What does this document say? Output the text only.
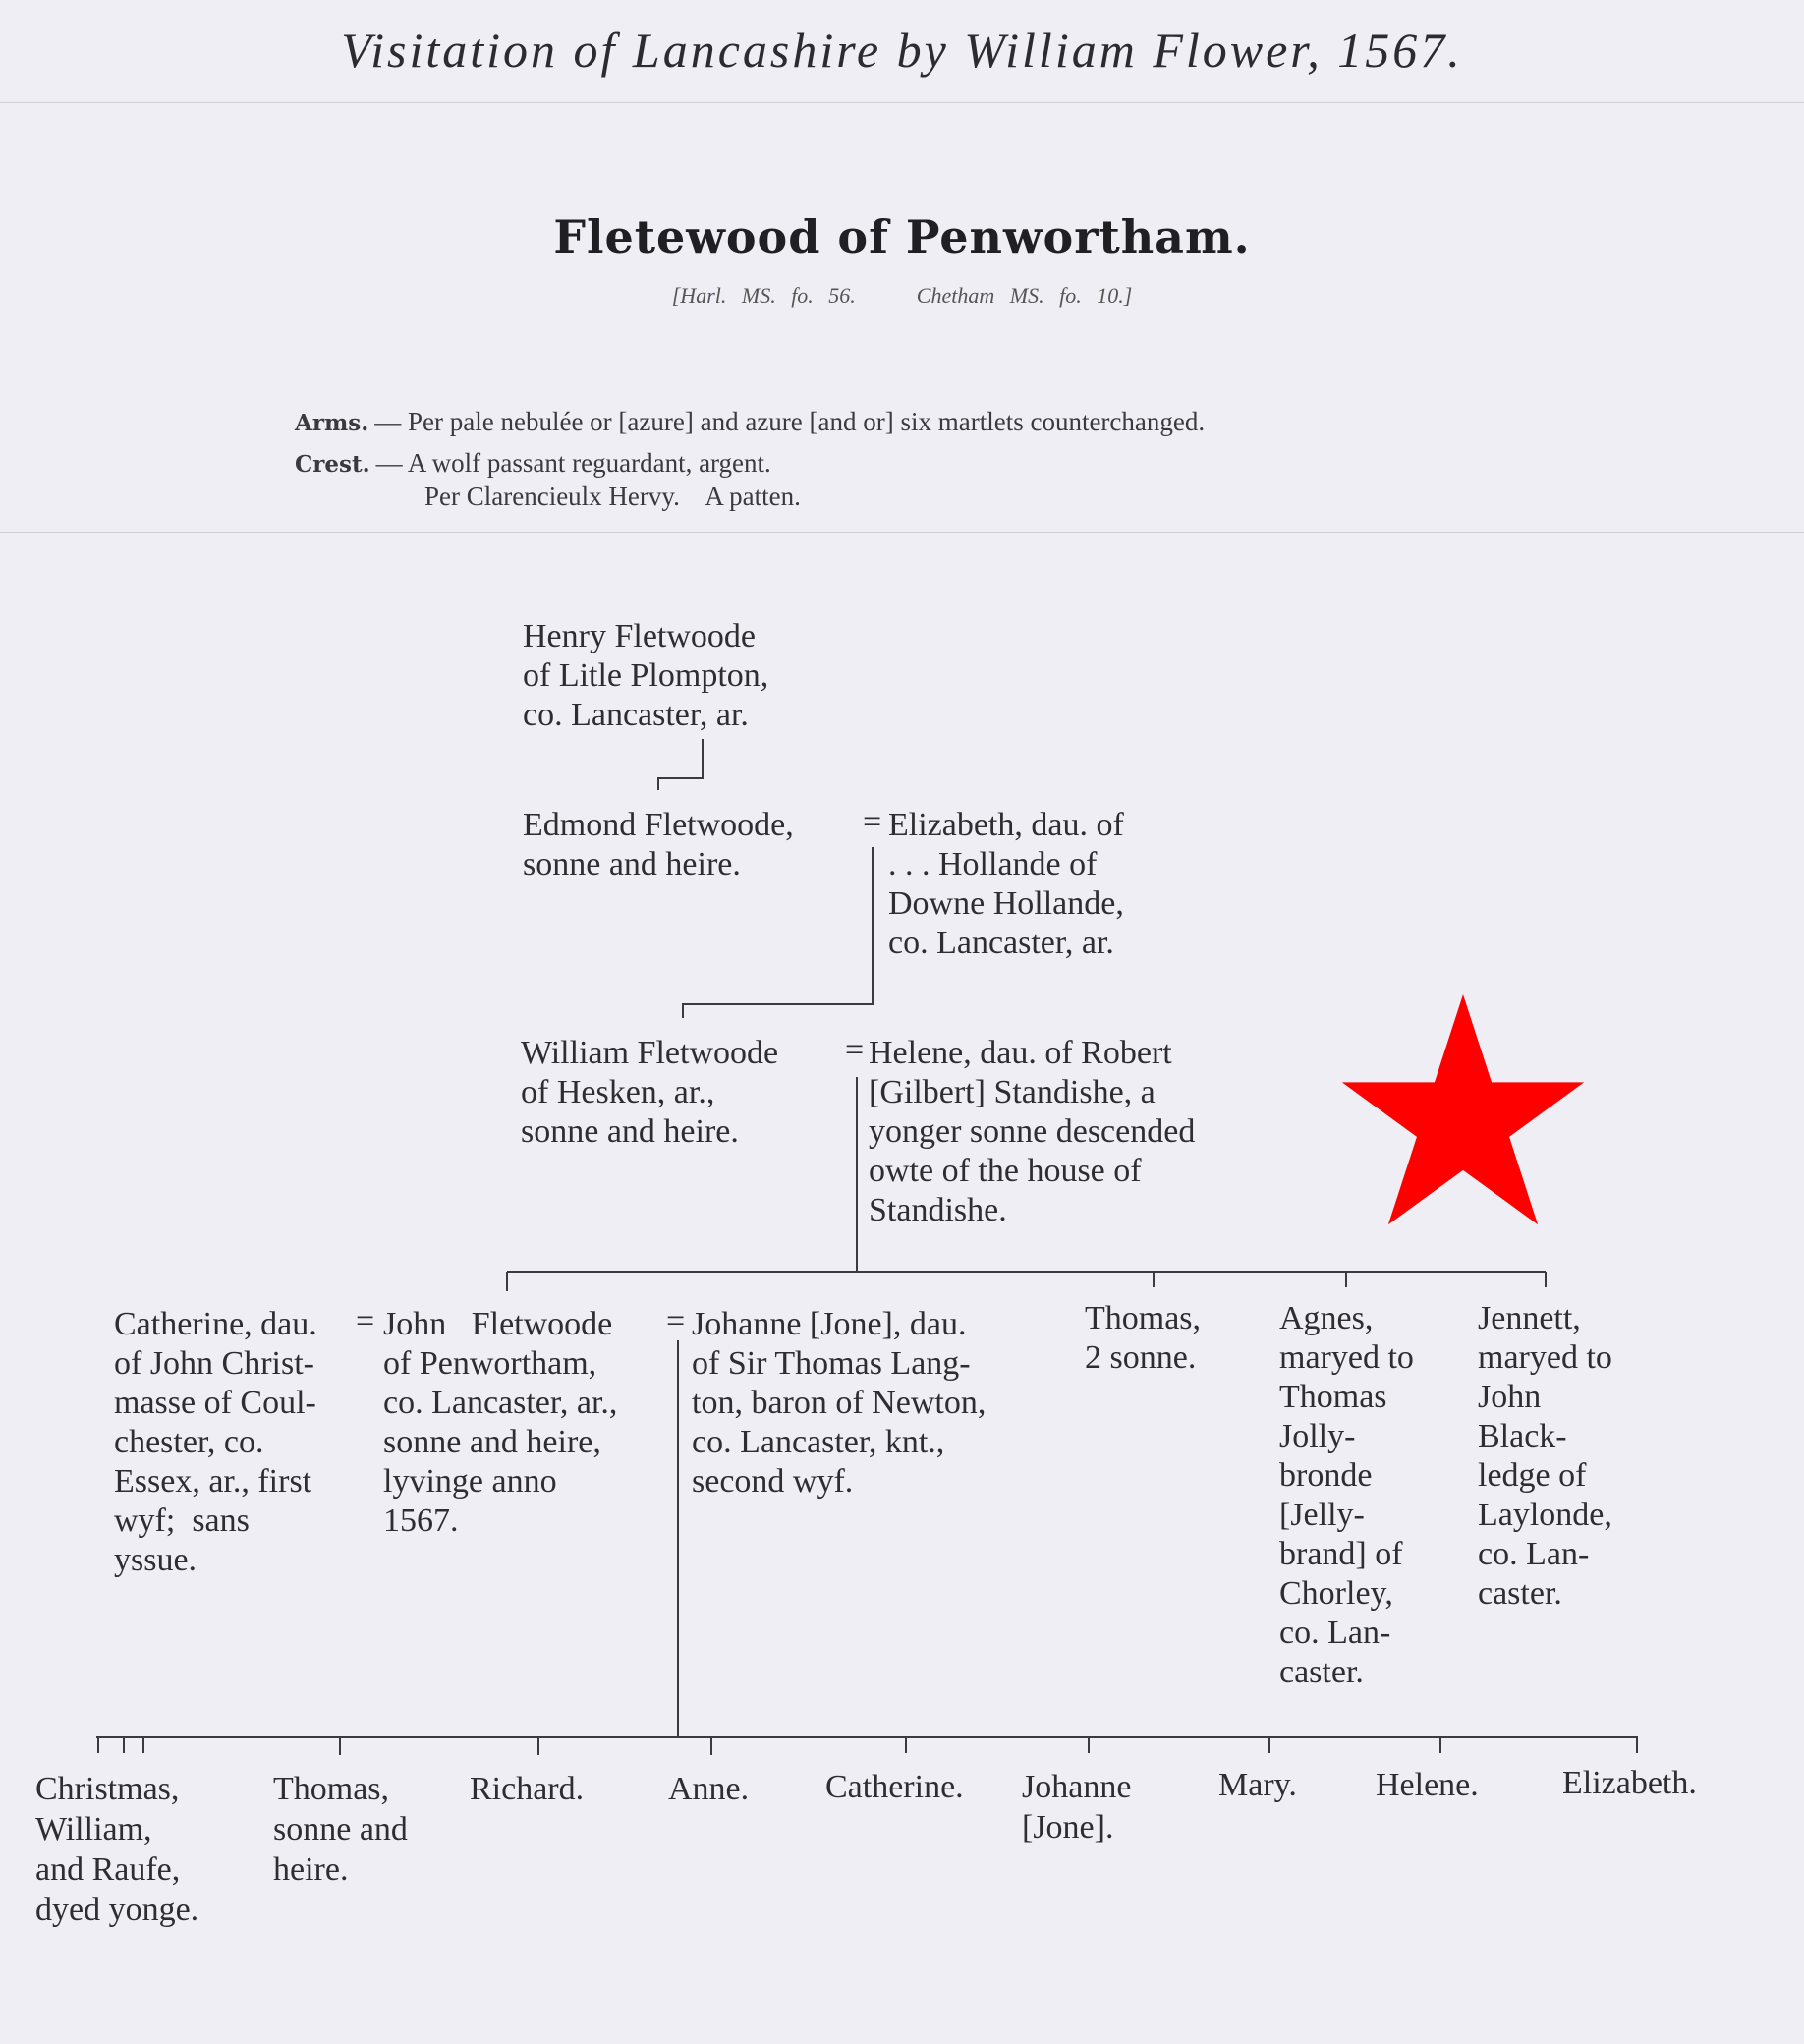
Visitation of Lancashire by William Flower, 1567.
Fletewood of Penwortham.
[Harl. MS. fo. 56.    Chetham MS. fo. 10.]
Arms. — Per pale nebulée or [azure] and azure [and or] six martlets counterchanged.
Crest. — A wolf passant reguardant, argent.
Per Clarencieulx Hervy.    A patten.
Henry Fletwoode
of Litle Plompton,
co. Lancaster, ar.
Edmond Fletwoode,
sonne and heire.
= Elizabeth, dau. of
. . . Hollande of
Downe Hollande,
co. Lancaster, ar.
William Fletwoode
of Hesken, ar.,
sonne and heire.
= Helene, dau. of Robert
[Gilbert] Standishe, a
yonger sonne descended
owte of the house of
Standishe.
Catherine, dau.
of John Christ-
masse of Coul-
chester, co.
Essex, ar., first
wyf;  sans
yssue.
= John   Fletwoode
of Penwortham,
co. Lancaster, ar.,
sonne and heire,
lyvinge anno
1567.
= Johanne [Jone], dau.
of Sir Thomas Lang-
ton, baron of Newton,
co. Lancaster, knt.,
second wyf.
Thomas,
2 sonne.
Agnes,
maryed to
Thomas
Jolly-
bronde
[Jelly-
brand] of
Chorley,
co. Lan-
caster.
Jennett,
maryed to
John
Black-
ledge of
Laylonde,
co. Lan-
caster.
Christmas,
William,
and Raufe,
dyed yonge.
Thomas,
sonne and
heire.
Richard.	Anne. Catherine. Johanne
[Jone].
Mary. Helene.	Elizabeth.
